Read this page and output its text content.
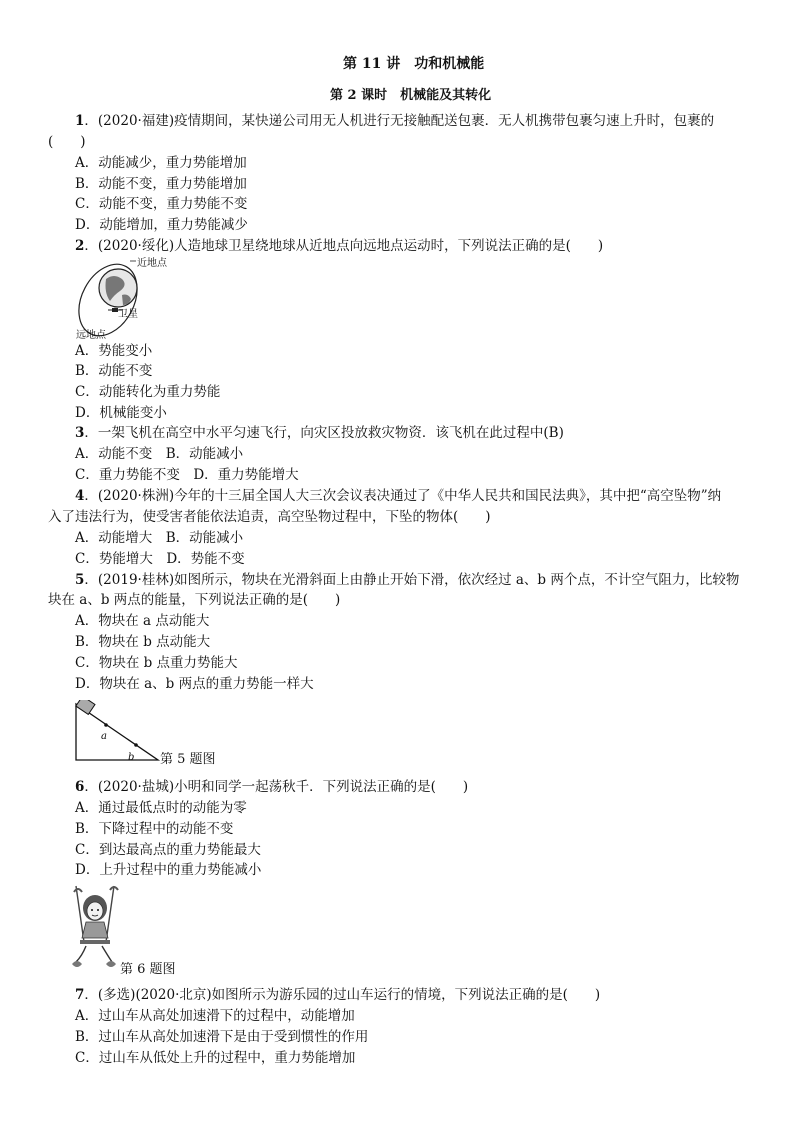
第 11 讲　功和机械能
第 2 课时　机械能及其转化
1．(2020·福建)疫情期间，某快递公司用无人机进行无接触配送包裹．无人机携带包裹匀速上升时，包裹的
(　　)
A．动能减少，重力势能增加
B．动能不变，重力势能增加
C．动能不变，重力势能不变
D．动能增加，重力势能减少
2．(2020·绥化)人造地球卫星绕地球从近地点向远地点运动时，下列说法正确的是(　　)
近地点
卫星
远地点
A．势能变小
B．动能不变
C．动能转化为重力势能
D．机械能变小
3．一架飞机在高空中水平匀速飞行，向灾区投放救灾物资．该飞机在此过程中(B)
A．动能不变　B．动能减小
C．重力势能不变　D．重力势能增大
4．(2020·株洲)今年的十三届全国人大三次会议表决通过了《中华人民共和国民法典》，其中把“高空坠物”纳
入了违法行为，使受害者能依法追责，高空坠物过程中，下坠的物体(　　)
A．动能增大　B．动能减小
C．势能增大　D．势能不变
5．(2019·桂林)如图所示，物块在光滑斜面上由静止开始下滑，依次经过 a、b 两个点，不计空气阻力，比较物
块在 a、b 两点的能量，下列说法正确的是(　　)
A．物块在 a 点动能大
B．物块在 b 点动能大
C．物块在 b 点重力势能大
D．物块在 a、b 两点的重力势能一样大
a
b 第 5 题图
6．(2020·盐城)小明和同学一起荡秋千．下列说法正确的是(　　)
A．通过最低点时的动能为零
B．下降过程中的动能不变
C．到达最高点的重力势能最大
D．上升过程中的重力势能减小
第 6 题图
7．(多选)(2020·北京)如图所示为游乐园的过山车运行的情境，下列说法正确的是(　　)
A．过山车从高处加速滑下的过程中，动能增加
B．过山车从高处加速滑下是由于受到惯性的作用
C．过山车从低处上升的过程中，重力势能增加
